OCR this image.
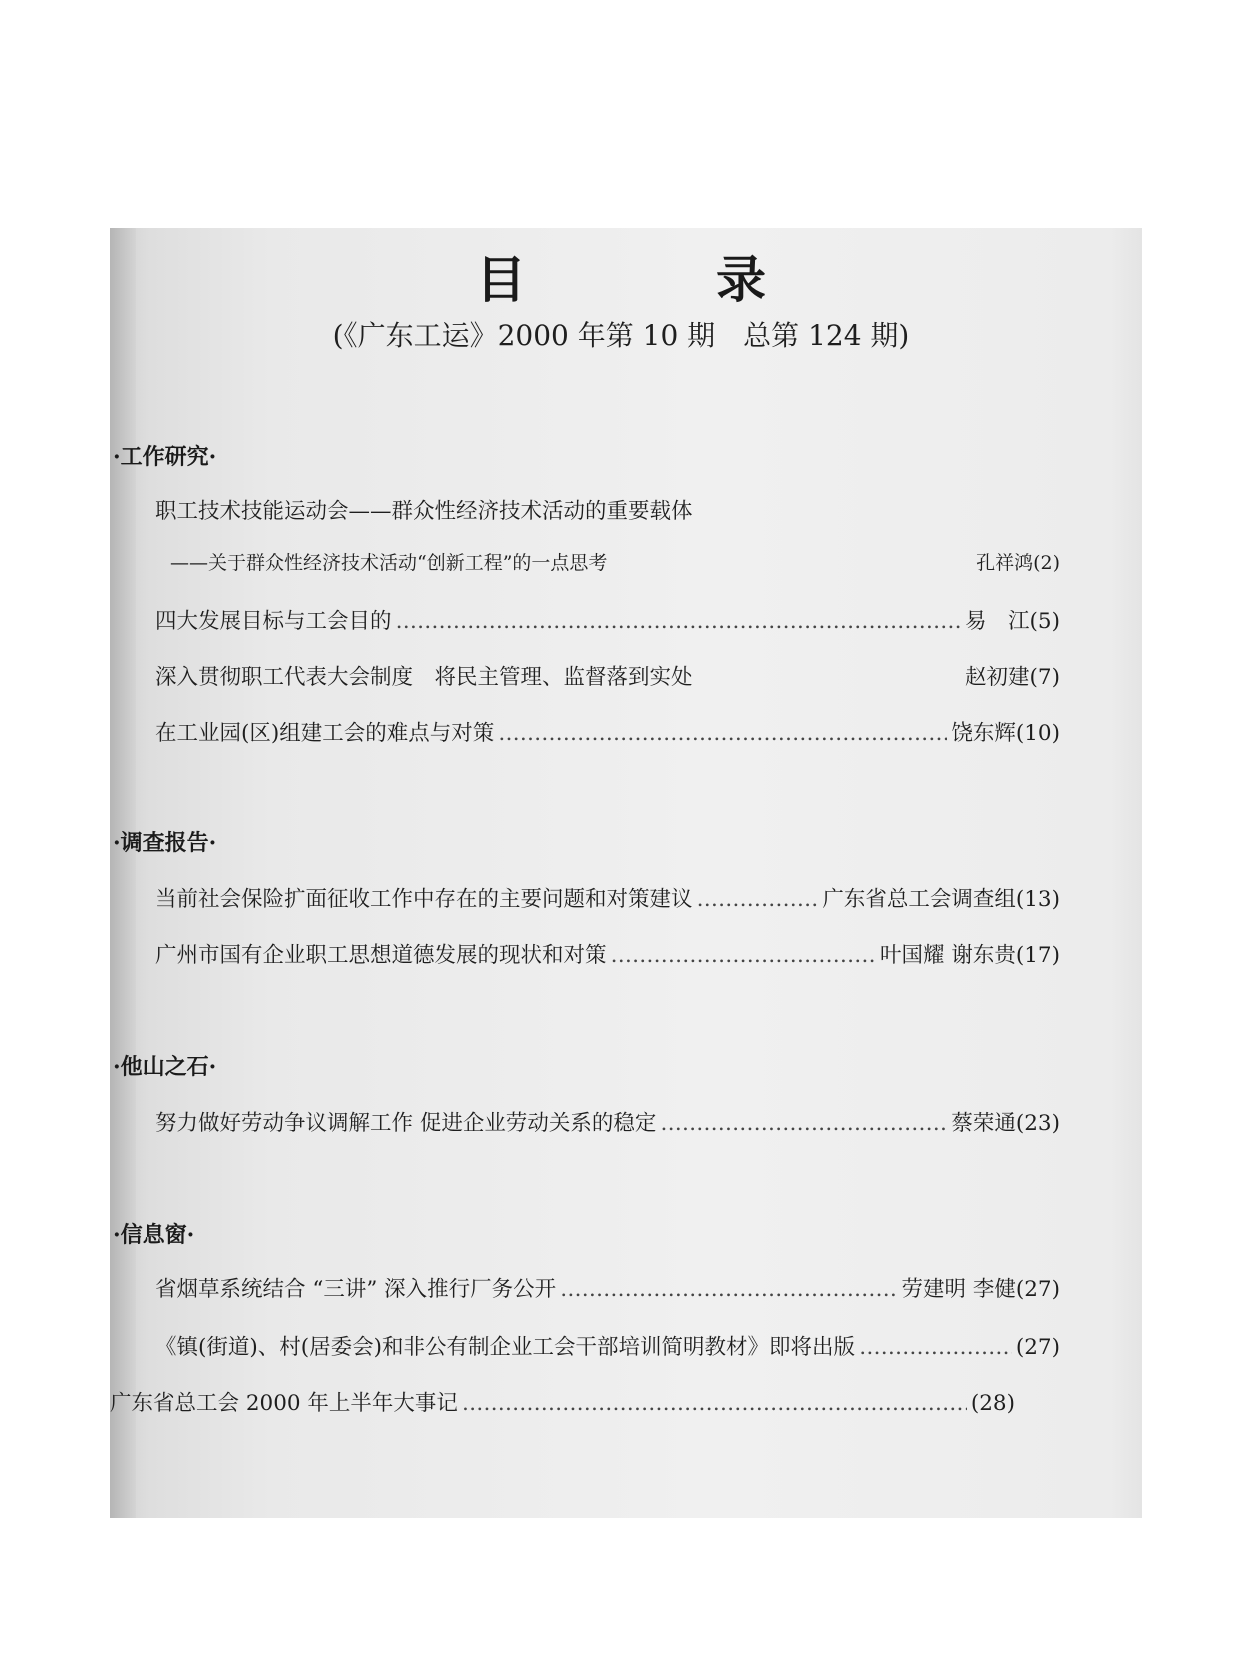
目　录
(《广东工运》2000 年第 10 期　总第 124 期)
·工作研究·
职工技术技能运动会——群众性经济技术活动的重要载体
——关于群众性经济技术活动“创新工程”的一点思考	孔祥鸿 (2)
四大发展目标与工会目的 ……………………………………………………………………………………………………………………………………………………………………………………	易　江 (5)
深入贯彻职工代表大会制度　将民主管理、监督落到实处	赵初建 (7)
在工业园(区)组建工会的难点与对策 ……………………………………………………………………………………………………………………………………………………………………………………	饶东辉 (10)
·调查报告·
当前社会保险扩面征收工作中存在的主要问题和对策建议 ……………………………………………………………………………………………………………………………………………………………………………………	广东省总工会调查组 (13)
广州市国有企业职工思想道德发展的现状和对策 ……………………………………………………………………………………………………………………………………………………………………………………	叶国耀 谢东贵 (17)
·他山之石·
努力做好劳动争议调解工作 促进企业劳动关系的稳定 ……………………………………………………………………………………………………………………………………………………………………………………	蔡荣通 (23)
·信息窗·
省烟草系统结合 “三讲” 深入推行厂务公开 ……………………………………………………………………………………………………………………………………………………………………………………	劳建明 李健 (27)
《镇(街道)、村(居委会)和非公有制企业工会干部培训简明教材》即将出版 ……………………………………………………………………………………………………………………………………………………………………………………	(27)
广东省总工会 2000 年上半年大事记 ……………………………………………………………………………………………………………………………………………………………………………………	(28)
